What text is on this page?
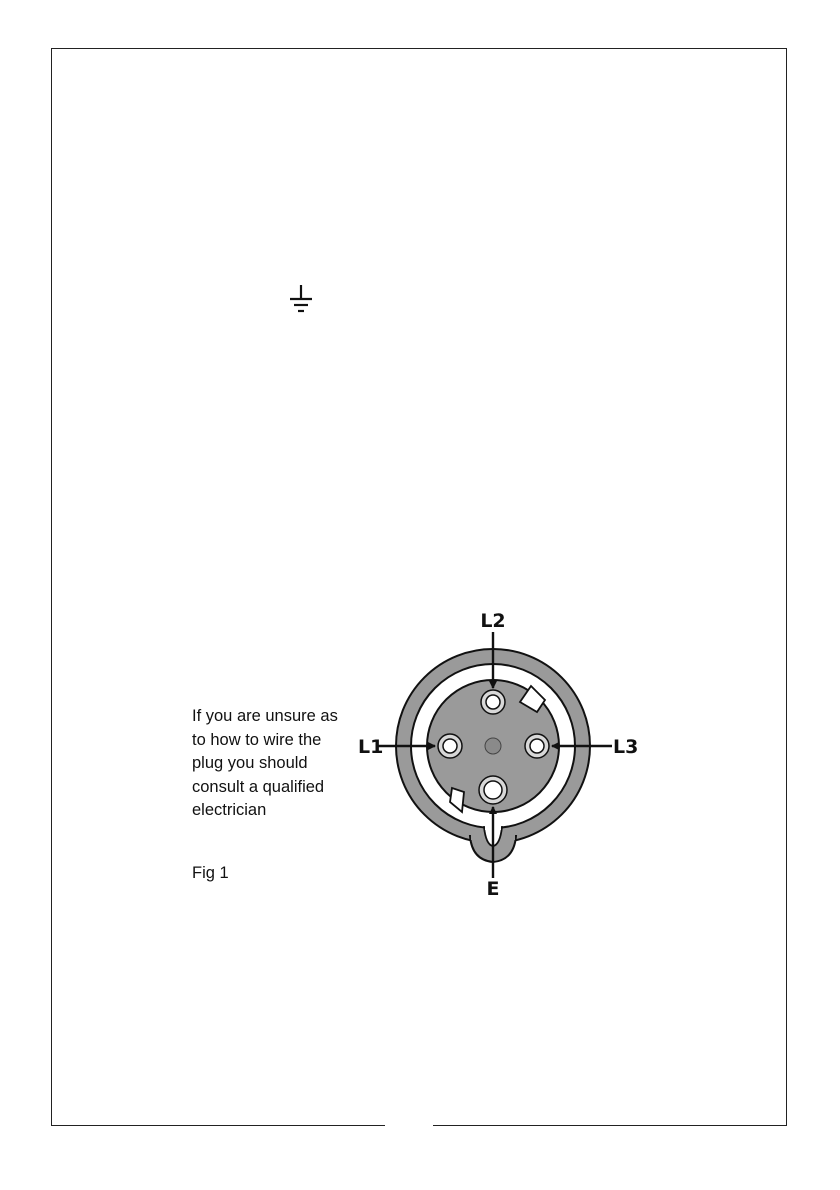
If you are unsure as

to how to wire the

plug you should

consult a qualified

electrician

Fig 1
L2
L1	L3
E
